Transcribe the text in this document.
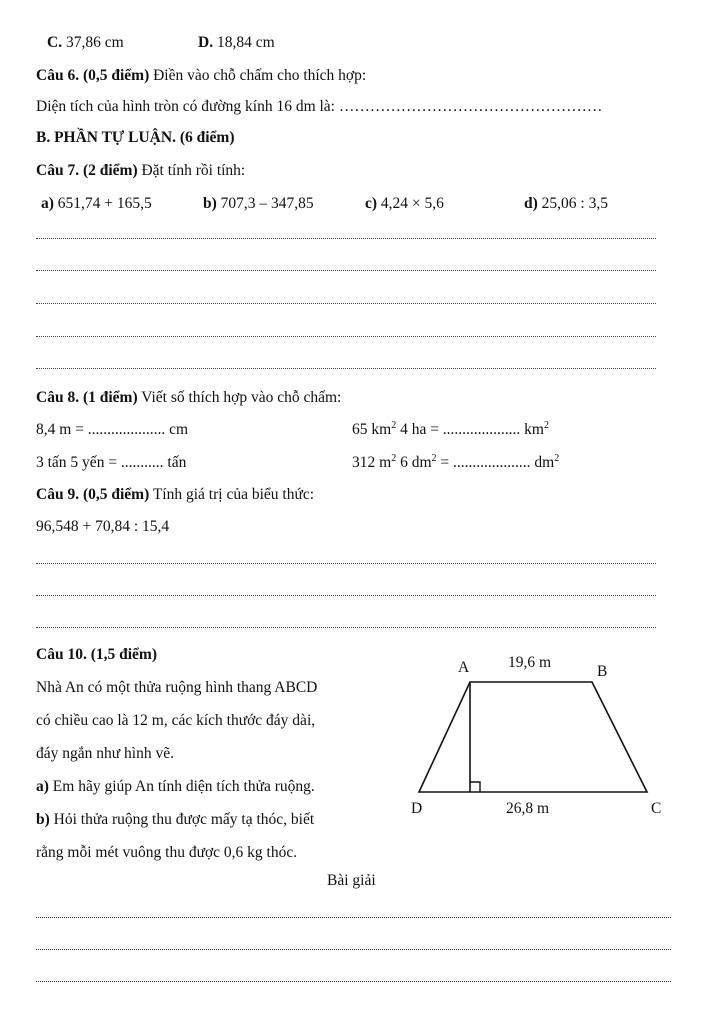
C. 37,86 cm	D. 18,84 cm
Câu 6. (0,5 điểm) Điền vào chỗ chấm cho thích hợp:
Diện tích của hình tròn có đường kính 16 dm là: ……………………………………………
B. PHẦN TỰ LUẬN. (6 điểm)
Câu 7. (2 điểm) Đặt tính rồi tính:
a) 651,74 + 165,5	b) 707,3 – 347,85	c) 4,24 × 5,6	d) 25,06 : 3,5
Câu 8. (1 điểm) Viết số thích hợp vào chỗ chấm:
8,4 m = .................... cm	65 $km^2$ 4 ha = .................... $km^2$
3 tấn 5 yến = ........... tấn	312 $m^2$ 6 $dm^2$ = .................... $dm^2$
Câu 9. (0,5 điểm) Tính giá trị của biểu thức:
96,548 + 70,84 : 15,4
Câu 10. (1,5 điểm)
Nhà An có một thửa ruộng hình thang ABCD
có chiều cao là 12 m, các kích thước đáy dài,
đáy ngắn như hình vẽ.
a) Em hãy giúp An tính diện tích thửa ruộng.
b) Hỏi thửa ruộng thu được mấy tạ thóc, biết
rằng mỗi mét vuông thu được 0,6 kg thóc.
A	B
C
D
19,6 m
26,8 m
Bài giải
